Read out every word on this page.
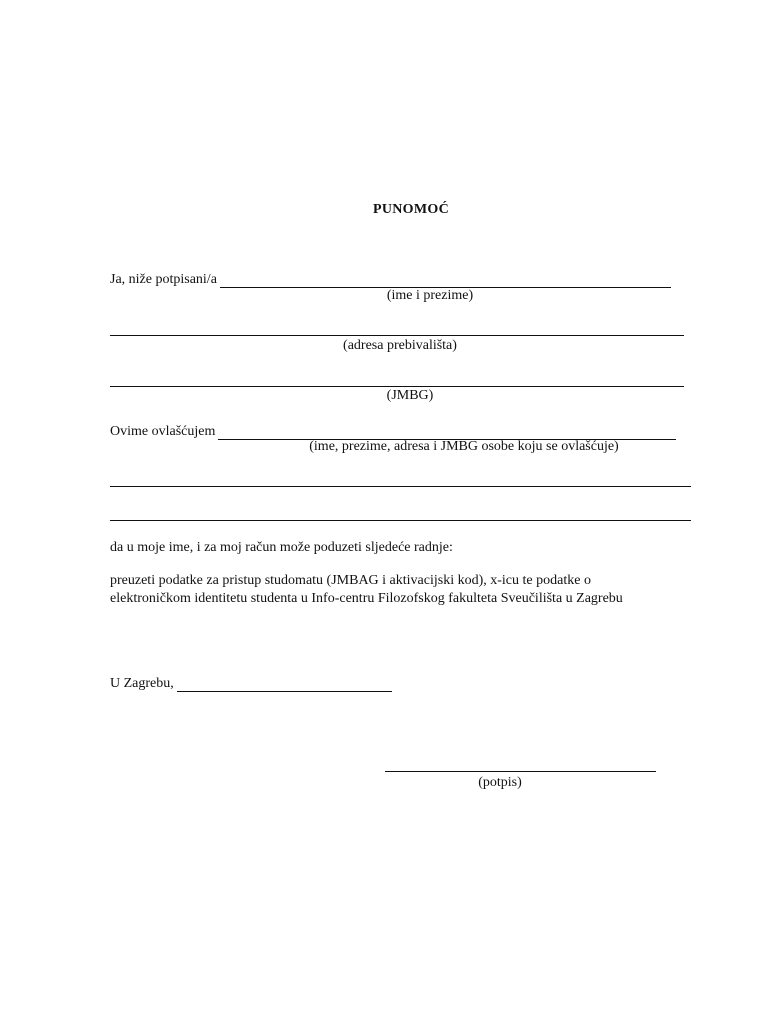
PUNOMOĆ
Ja, niže potpisani/a
(ime i prezime)
(adresa prebivališta)
(JMBG)
Ovime ovlašćujem
(ime, prezime, adresa i JMBG osobe koju se ovlašćuje)
da u moje ime, i za moj račun može poduzeti sljedeće radnje:
preuzeti podatke za pristup studomatu (JMBAG i aktivacijski kod), x-icu te podatke o elektroničkom identitetu studenta u Info-centru Filozofskog fakulteta Sveučilišta u Zagrebu
U Zagrebu,
(potpis)
